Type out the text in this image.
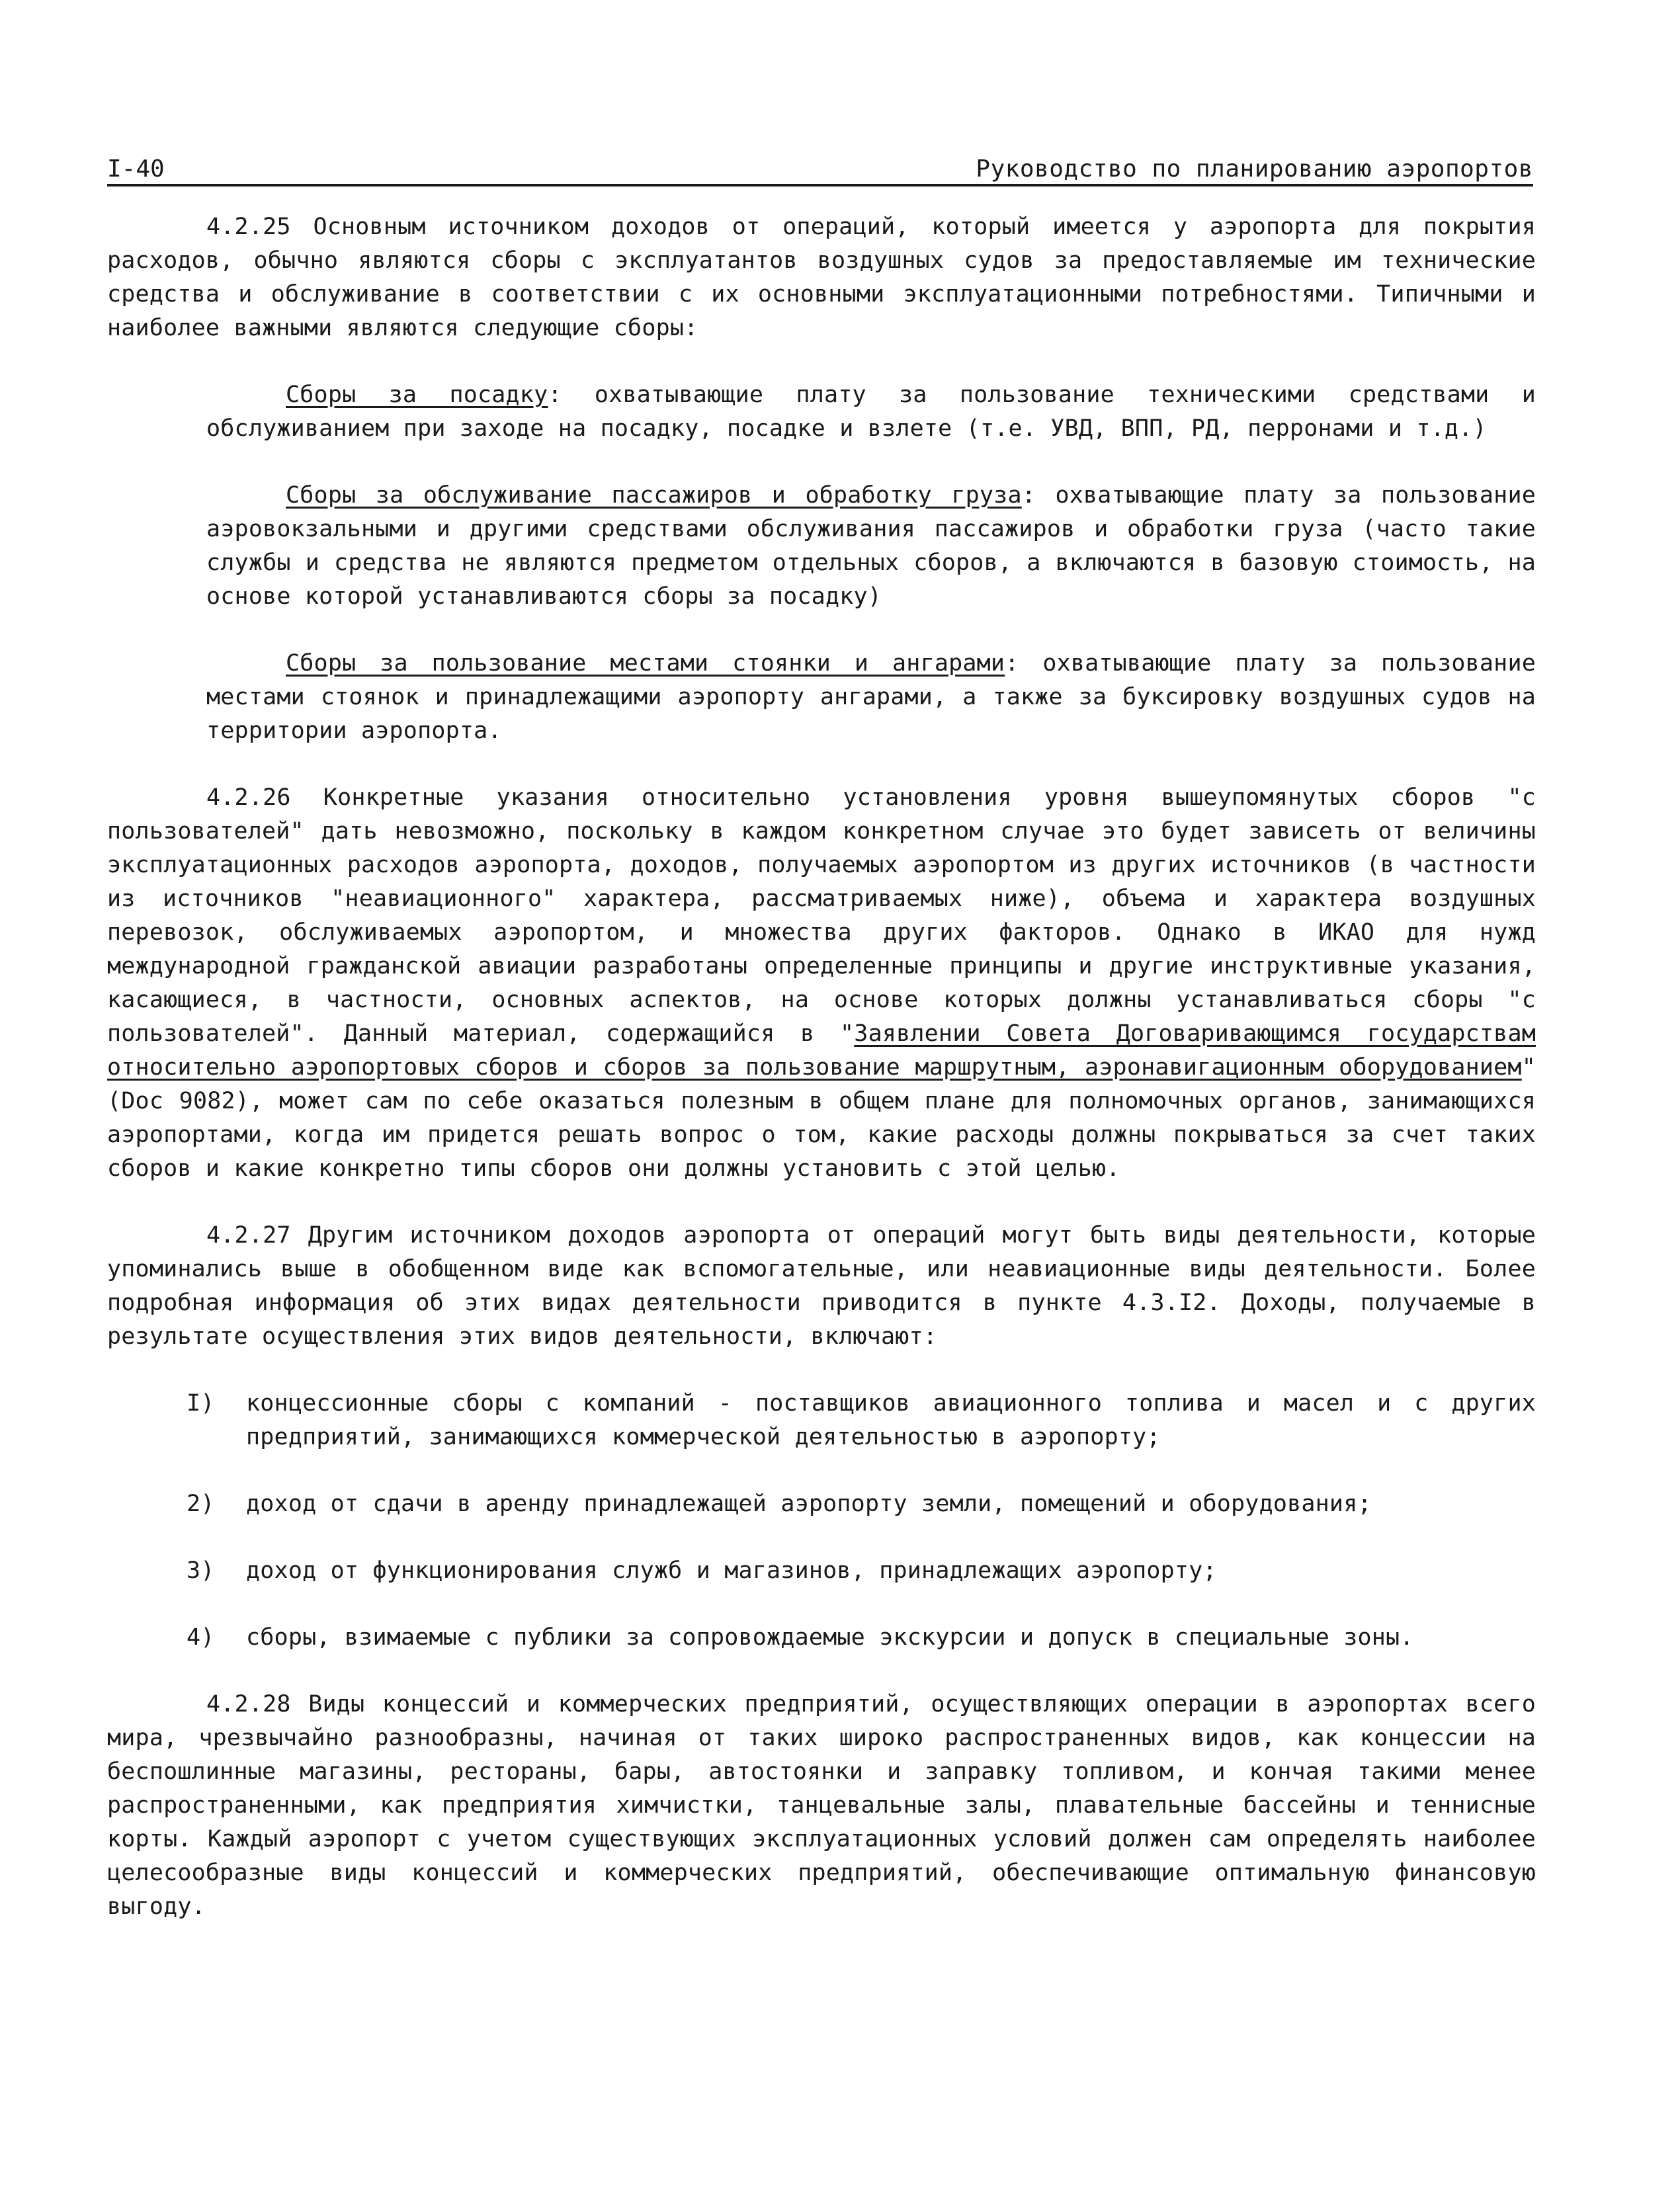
I-40	Руководство по планированию аэропортов

4.2.25 Основным источником доходов от операций, который имеется у аэропорта для покрытия расходов, обычно являются сборы с эксплуатантов воздушных судов за предоставляемые им технические средства и обслуживание в соответствии с их основными эксплуатационными потребностями. Типичными и наиболее важными являются следующие сборы:

Сборы за посадку: охватывающие плату за пользование техническими средствами и обслуживанием при заходе на посадку, посадке и взлете (т.е. УВД, ВПП, РД, перронами и т.д.)

Сборы за обслуживание пассажиров и обработку груза: охватывающие плату за пользование аэровокзальными и другими средствами обслуживания пассажиров и обработки груза (часто такие службы и средства не являются предметом отдельных сборов, а включаются в базовую стоимость, на основе которой устанавливаются сборы за посадку)

Сборы за пользование местами стоянки и ангарами: охватывающие плату за пользование местами стоянок и принадлежащими аэропорту ангарами, а также за буксировку воздушных судов на территории аэропорта.

4.2.26 Конкретные указания относительно установления уровня вышеупомянутых сборов "с пользователей" дать невозможно, поскольку в каждом конкретном случае это будет зависеть от величины эксплуатационных расходов аэропорта, доходов, получаемых аэропортом из других источников (в частности из источников "неавиационного" характера, рассматриваемых ниже), объема и характера воздушных перевозок, обслуживаемых аэропортом, и множества других факторов. Однако в ИКАО для нужд международной гражданской авиации разработаны определенные принципы и другие инструктивные указания, касающиеся, в частности, основных аспектов, на основе которых должны устанавливаться сборы "с пользователей". Данный материал, содержащийся в "Заявлении Совета Договаривающимся государствам относительно аэропортовых сборов и сборов за пользование маршрутным, аэронавигационным оборудованием" (Doc 9082), может сам по себе оказаться полезным в общем плане для полномочных органов, занимающихся аэропортами, когда им придется решать вопрос о том, какие расходы должны покрываться за счет таких сборов и какие конкретно типы сборов они должны установить с этой целью.

4.2.27 Другим источником доходов аэропорта от операций могут быть виды деятельности, которые упоминались выше в обобщенном виде как вспомогательные, или неавиационные виды деятельности. Более подробная информация об этих видах деятельности приводится в пункте 4.3.I2. Доходы, получаемые в результате осуществления этих видов деятельности, включают:

I) концессионные сборы с компаний - поставщиков авиационного топлива и масел и с других предприятий, занимающихся коммерческой деятельностью в аэропорту;
2) доход от сдачи в аренду принадлежащей аэропорту земли, помещений и оборудования;
3) доход от функционирования служб и магазинов, принадлежащих аэропорту;
4) сборы, взимаемые с публики за сопровождаемые экскурсии и допуск в специальные зоны.

4.2.28 Виды концессий и коммерческих предприятий, осуществляющих операции в аэропортах всего мира, чрезвычайно разнообразны, начиная от таких широко распространенных видов, как концессии на беспошлинные магазины, рестораны, бары, автостоянки и заправку топливом, и кончая такими менее распространенными, как предприятия химчистки, танцевальные залы, плавательные бассейны и теннисные корты. Каждый аэропорт с учетом существующих эксплуатационных условий должен сам определять наиболее целесообразные виды концессий и коммерческих предприятий, обеспечивающие оптимальную финансовую выгоду.
